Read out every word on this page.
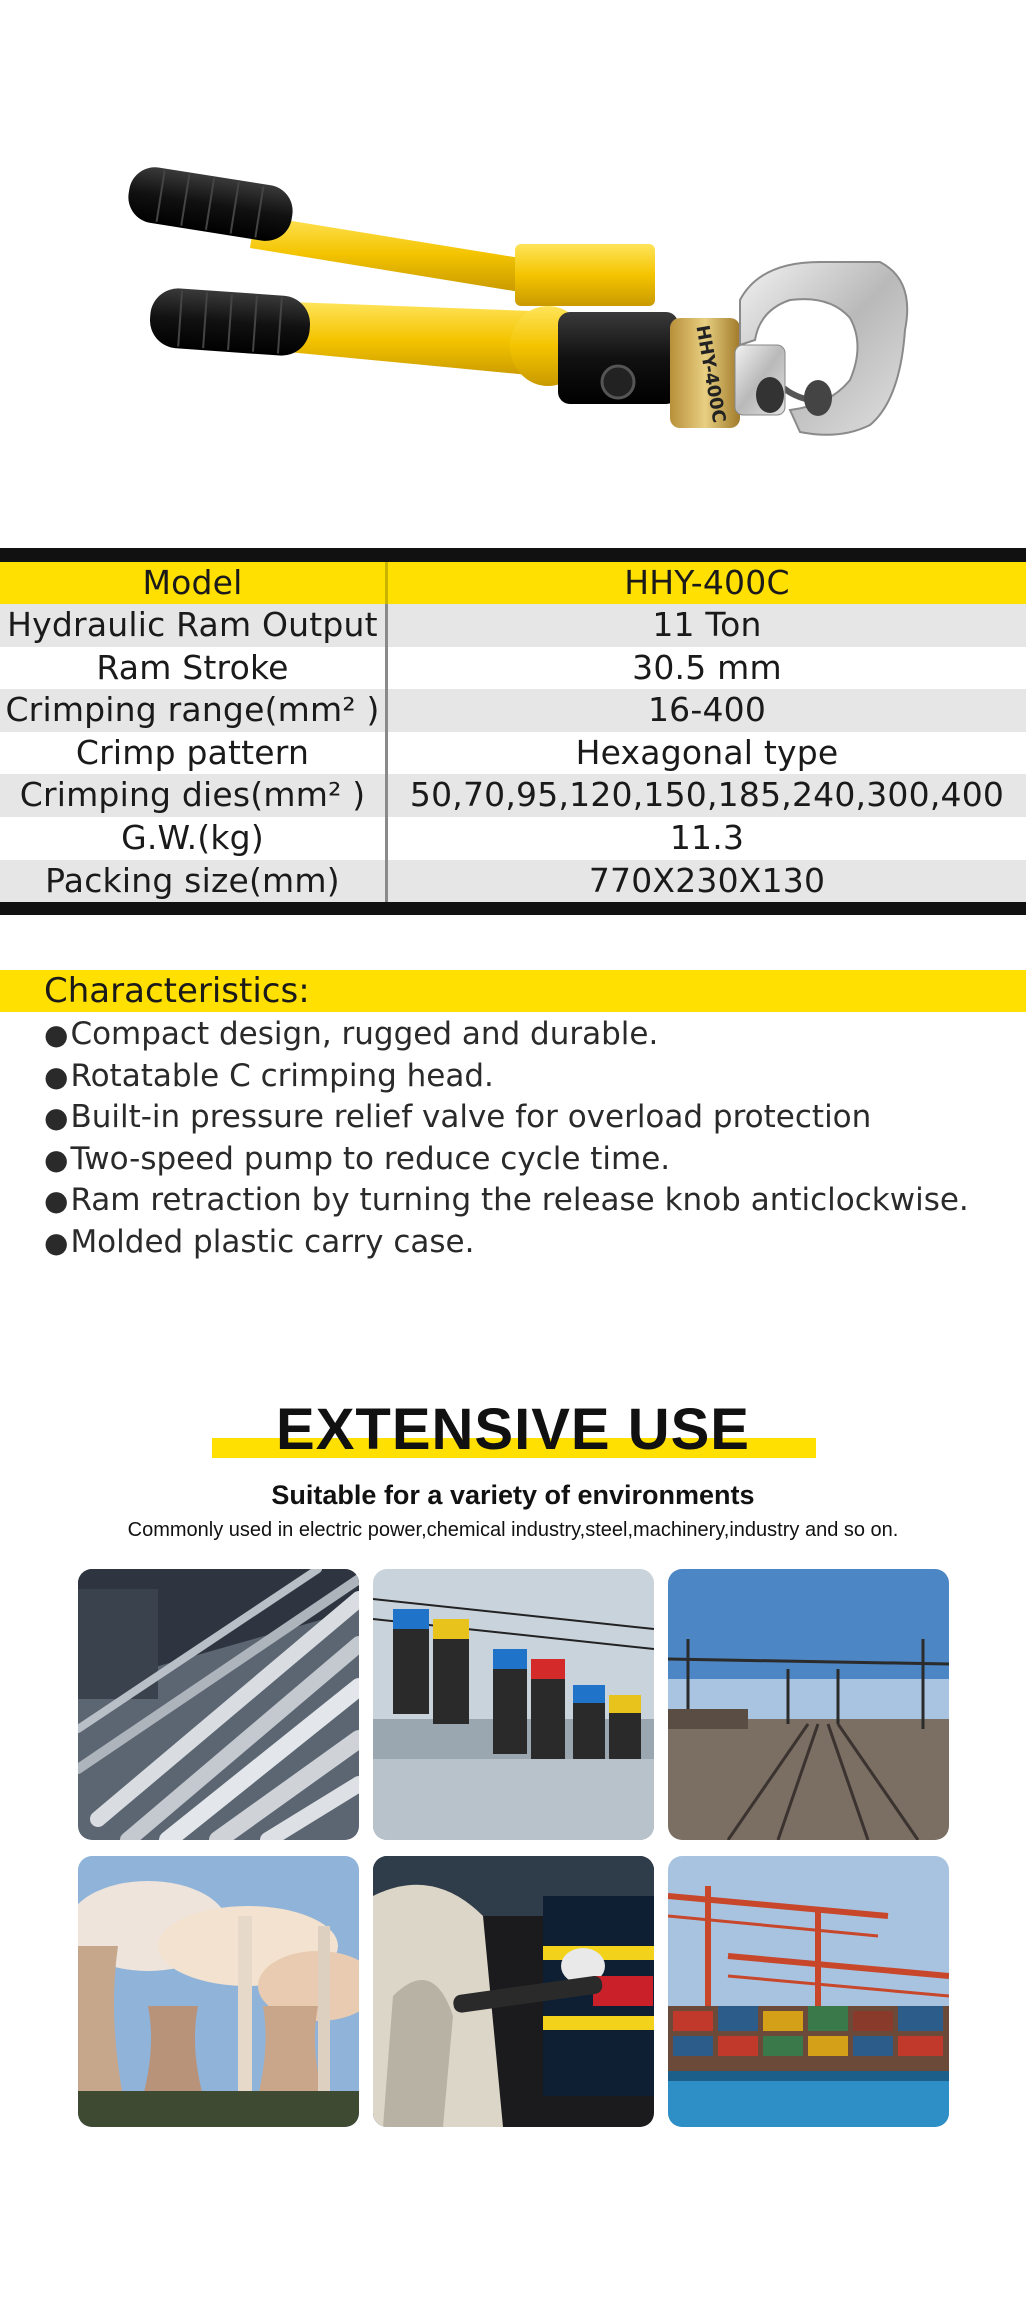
HHY-400C
Model	HHY-400C
Hydraulic Ram Output	11 Ton
Ram Stroke	30.5 mm
Crimping range(mm² )	16-400
Crimp pattern	Hexagonal type
Crimping dies(mm² )	50,70,95,120,150,185,240,300,400
G.W.(kg)	11.3
Packing size(mm)	770X230X130
Characteristics:
●Compact design, rugged and durable.
●Rotatable C crimping head.
●Built-in pressure relief valve for overload protection
●Two-speed pump to reduce cycle time.
●Ram retraction by turning the release knob anticlockwise.
●Molded plastic carry case.
EXTENSIVE USE
Suitable for a variety of environments
Commonly used in electric power,chemical industry,steel,machinery,industry and so on.
